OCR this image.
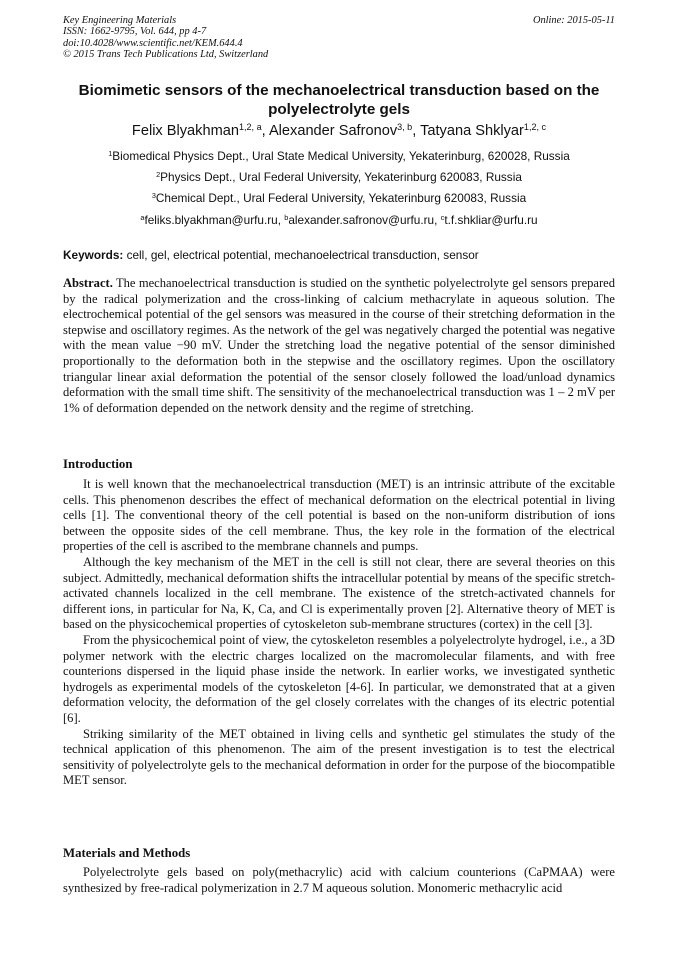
Key Engineering Materials
ISSN: 1662-9795, Vol. 644, pp 4-7
doi:10.4028/www.scientific.net/KEM.644.4
© 2015 Trans Tech Publications Ltd, Switzerland
Online: 2015-05-11
Biomimetic sensors of the mechanoelectrical transduction based on the polyelectrolyte gels
Felix Blyakhman$^{1,2, a}$, Alexander Safronov$^{3, b}$, Tatyana Shklyar$^{1,2, c}$
$^1$Biomedical Physics Dept., Ural State Medical University, Yekaterinburg, 620028, Russia
$^2$Physics Dept., Ural Federal University, Yekaterinburg 620083, Russia
$^3$Chemical Dept., Ural Federal University, Yekaterinburg 620083, Russia
$^a$feliks.blyakhman@urfu.ru, $^b$alexander.safronov@urfu.ru, $^c$t.f.shkliar@urfu.ru
Keywords: cell, gel, electrical potential, mechanoelectrical transduction, sensor

Abstract. The mechanoelectrical transduction is studied on the synthetic polyelectrolyte gel sensors prepared by the radical polymerization and the cross-linking of calcium methacrylate in aqueous solution. The electrochemical potential of the gel sensors was measured in the course of their stretching deformation in the stepwise and oscillatory regimes. As the network of the gel was negatively charged the potential was negative with the mean value −90 mV. Under the stretching load the negative potential of the sensor diminished proportionally to the deformation both in the stepwise and the oscillatory regimes. Upon the oscillatory triangular linear axial deformation the potential of the sensor closely followed the load/unload dynamics deformation with the small time shift. The sensitivity of the mechanoelectrical transduction was 1 – 2 mV per 1% of deformation depended on the network density and the regime of stretching.

Introduction

It is well known that the mechanoelectrical transduction (MET) is an intrinsic attribute of the excitable cells. This phenomenon describes the effect of mechanical deformation on the electrical potential in living cells [1]. The conventional theory of the cell potential is based on the non-uniform distribution of ions between the opposite sides of the cell membrane. Thus, the key role in the formation of the electrical properties of the cell is ascribed to the membrane channels and pumps.

Although the key mechanism of the MET in the cell is still not clear, there are several theories on this subject. Admittedly, mechanical deformation shifts the intracellular potential by means of the specific stretch-activated channels localized in the cell membrane. The existence of the stretch-activated channels for different ions, in particular for Na, K, Ca, and Cl is experimentally proven [2]. Alternative theory of MET is based on the physicochemical properties of cytoskeleton sub-membrane structures (cortex) in the cell [3].

From the physicochemical point of view, the cytoskeleton resembles a polyelectrolyte hydrogel, i.e., a 3D polymer network with the electric charges localized on the macromolecular filaments, and with free counterions dispersed in the liquid phase inside the network. In earlier works, we investigated synthetic hydrogels as experimental models of the cytoskeleton [4-6]. In particular, we demonstrated that at a given deformation velocity, the deformation of the gel closely correlates with the changes of its electric potential [6].

Striking similarity of the MET obtained in living cells and synthetic gel stimulates the study of the technical application of this phenomenon. The aim of the present investigation is to test the electrical sensitivity of polyelectrolyte gels to the mechanical deformation in order for the purpose of the biocompatible MET sensor.

Materials and Methods

Polyelectrolyte gels based on poly(methacrylic) acid with calcium counterions (CaPMAA) were synthesized by free-radical polymerization in 2.7 M aqueous solution. Monomeric methacrylic acid
